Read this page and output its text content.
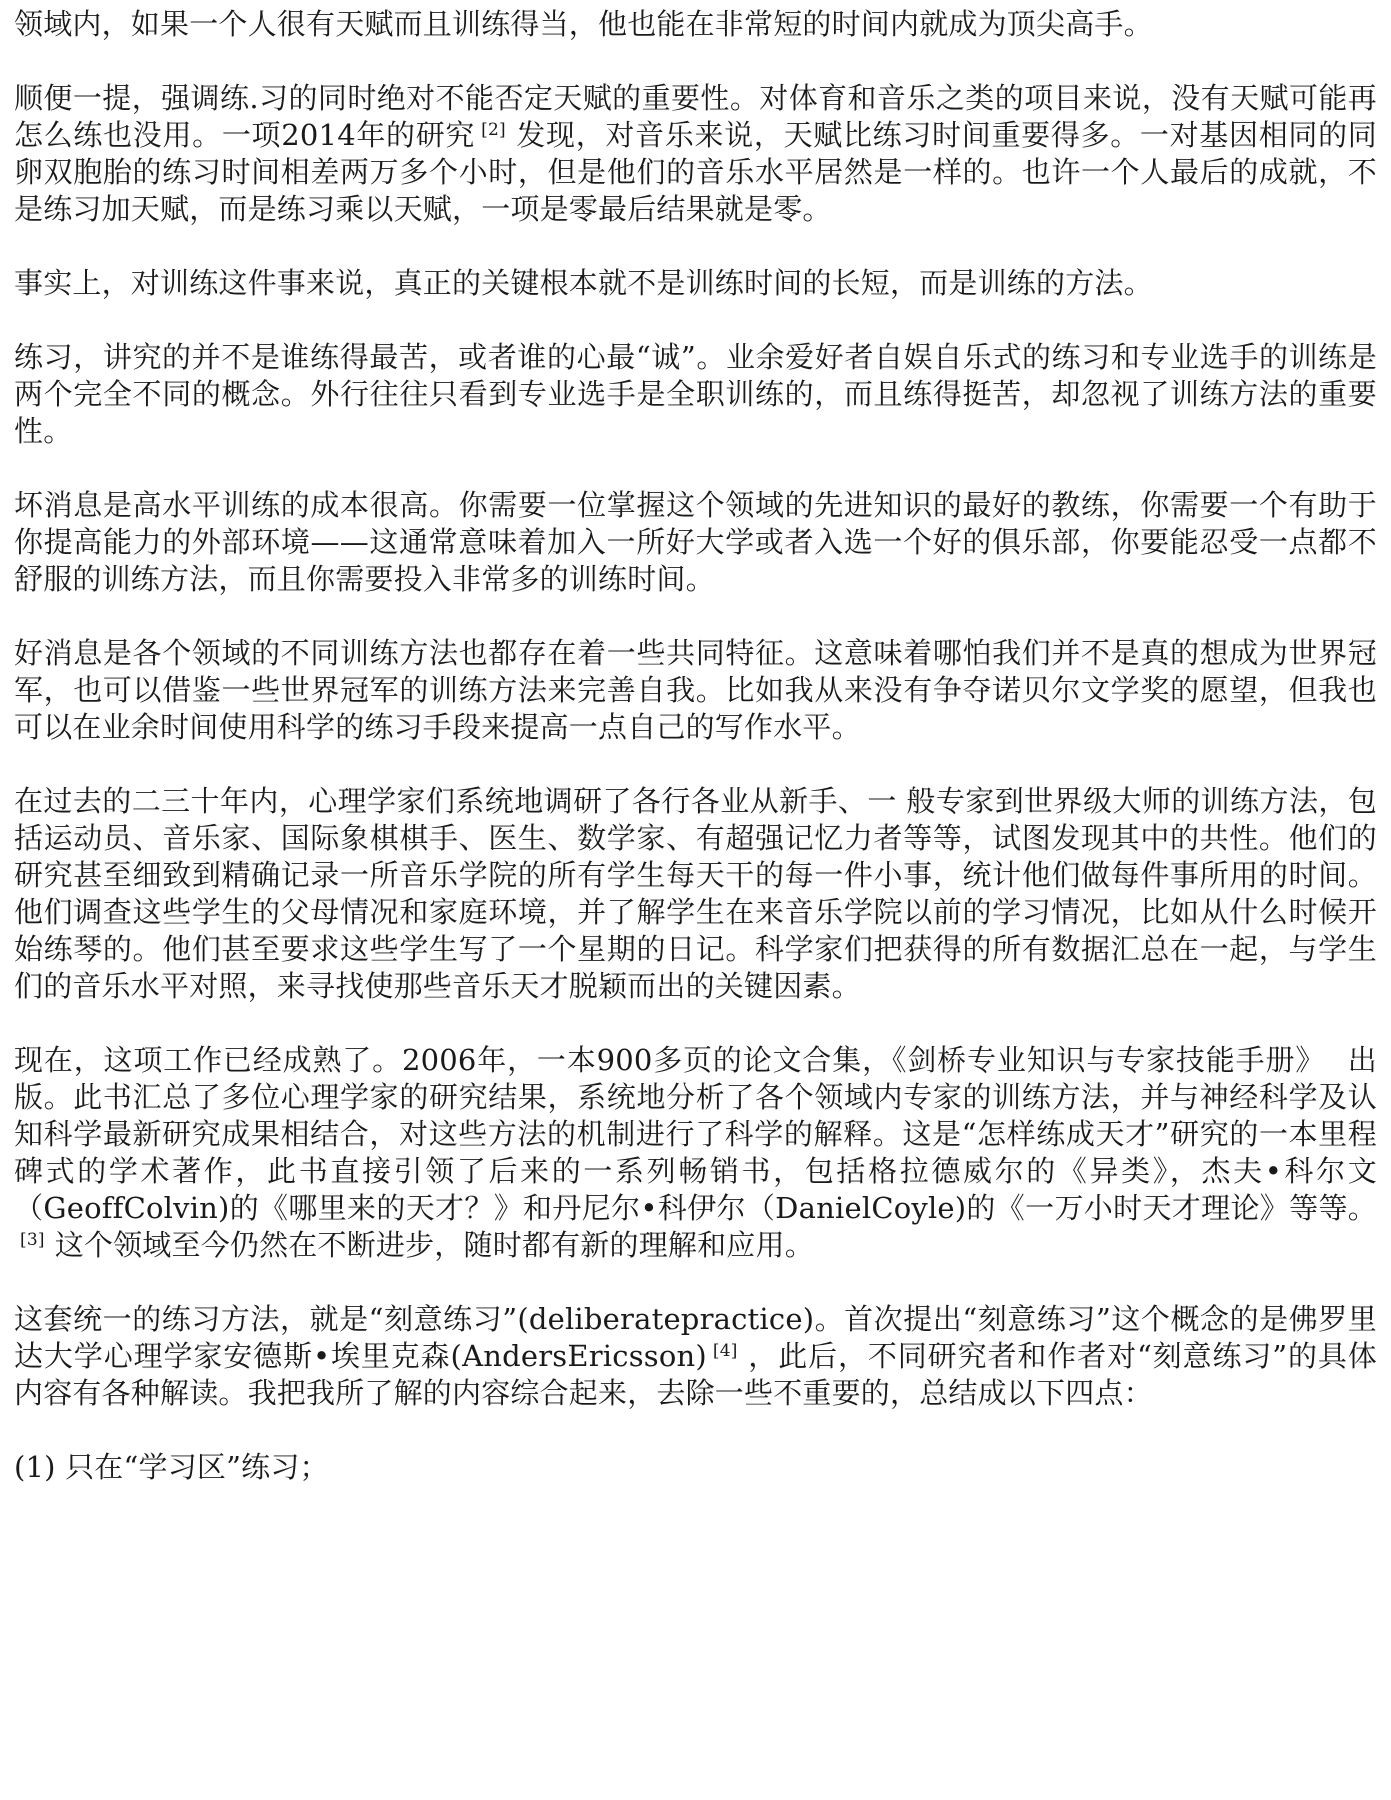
领域内，如果一个人很有天赋而且训练得当，他也能在非常短的时间内就成为顶尖高手。

顺便一提，强调练.习的同时绝对不能否定天赋的重要性。对体育和音乐之类的项目来说，没有天赋可能再怎么练也没用。一项2014年的研究 [2] 发现，对音乐来说，天赋比练习时间重要得多。一对基因相同的同卵双胞胎的练习时间相差两万多个小时，但是他们的音乐水平居然是一样的。也许一个人最后的成就，不是练习加天赋，而是练习乘以天赋，一项是零最后结果就是零。

事实上，对训练这件事来说，真正的关键根本就不是训练时间的长短，而是训练的方法。

练习，讲究的并不是谁练得最苦，或者谁的心最“诚”。业余爱好者自娱自乐式的练习和专业选手的训练是两个完全不同的概念。外行往往只看到专业选手是全职训练的，而且练得挺苦，却忽视了训练方法的重要性。

坏消息是高水平训练的成本很高。你需要一位掌握这个领域的先进知识的最好的教练，你需要一个有助于你提高能力的外部环境——这通常意味着加入一所好大学或者入选一个好的俱乐部，你要能忍受一点都不舒服的训练方法，而且你需要投入非常多的训练时间。

好消息是各个领域的不同训练方法也都存在着一些共同特征。这意味着哪怕我们并不是真的想成为世界冠军，也可以借鉴一些世界冠军的训练方法来完善自我。比如我从来没有争夺诺贝尔文学奖的愿望，但我也可以在业余时间使用科学的练习手段来提高一点自己的写作水平。

在过去的二三十年内，心理学家们系统地调研了各行各业从新手、一 般专家到世界级大师的训练方法，包括运动员、音乐家、国际象棋棋手、医生、数学家、有超强记忆力者等等，试图发现其中的共性。他们的研究甚至细致到精确记录一所音乐学院的所有学生每天干的每一件小事，统计他们做每件事所用的时间。他们调查这些学生的父母情况和家庭环境，并了解学生在来音乐学院以前的学习情况，比如从什么时候开始练琴的。他们甚至要求这些学生写了一个星期的日记。科学家们把获得的所有数据汇总在一起，与学生们的音乐水平对照，来寻找使那些音乐天才脱颖而出的关键因素。

现在，这项工作已经成熟了。2006年，一本900多页的论文合集，《剑桥专业知识与专家技能手册》 出版。此书汇总了多位心理学家的研究结果，系统地分析了各个领域内专家的训练方法，并与神经科学及认知科学最新研究成果相结合，对这些方法的机制进行了科学的解释。这是“怎样练成天才”研究的一本里程碑式的学术著作，此书直接引领了后来的一系列畅销书，包括格拉德威尔的《异类》，杰夫•科尔文（GeoffColvin)的《哪里来的天才？》和丹尼尔•科伊尔（DanielCoyle)的《一万小时天才理论》等等。[3] 这个领域至今仍然在不断进步，随时都有新的理解和应用。

这套统一的练习方法，就是“刻意练习”(deliberatepractice)。首次提出“刻意练习”这个概念的是佛罗里达大学心理学家安德斯•埃里克森(AndersEricsson) [4] ，此后，不同研究者和作者对“刻意练习”的具体内容有各种解读。我把我所了解的内容综合起来，去除一些不重要的，总结成以下四点：

(1) 只在“学习区”练习；
